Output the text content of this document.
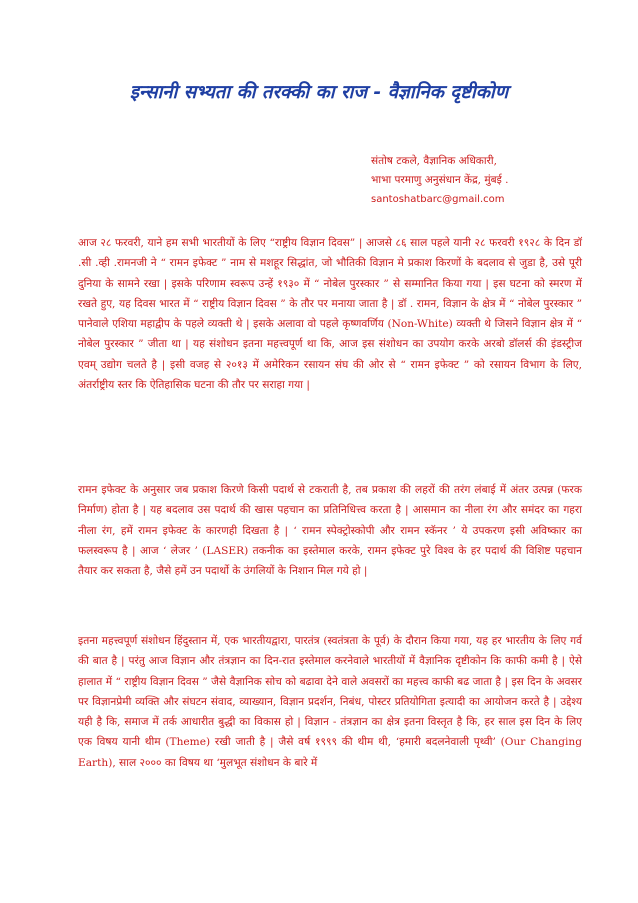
इन्सानी सभ्यता की तरक्की का राज - वैज्ञानिक दृष्टीकोण
संतोष टकले, वैज्ञानिक अधिकारी,
भाभा परमाणु अनुसंधान केंद्र, मुंबई .
santoshatbarc@gmail.com

आज २८ फरवरी, याने हम सभी भारतीयों के लिए “राष्ट्रीय विज्ञान दिवस” | आजसे ८६ साल पहले यानी २८ फरवरी १९२८ के दिन डॉ .सी .व्ही .रामनजी ने “ रामन इफेक्ट ” नाम से मशहूर सिद्धांत, जो भौतिकी विज्ञान मे प्रकाश किरणों के बदलाव से जुडा है, उसे पूरी दुनिया के सामने रखा | इसके परिणाम स्वरूप उन्हें १९३० में “ नोबेल पुरस्कार ” से सम्मानित किया गया | इस घटना को स्मरण में रखते हुए, यह दिवस भारत में “ राष्ट्रीय विज्ञान दिवस ” के तौर पर मनाया जाता है | डॉ . रामन, विज्ञान के क्षेत्र में “ नोबेल पुरस्कार ” पानेवाले एशिया महाद्वीप के पहले व्यक्ती थे | इसके अलावा वो पहले कृष्णवर्णिय (Non-White) व्यक्ती थे जिसने विज्ञान क्षेत्र में “ नोबेल पुरस्कार ” जीता था | यह संशोधन इतना महत्त्वपूर्ण था कि, आज इस संशोधन का उपयोग करके अरबो डॉलर्स की इंडस्ट्रीज एवम् उद्योग चलते है | इसी वजह से २०१३ में अमेरिकन रसायन संघ की ओर से “ रामन इफेक्ट ” को रसायन विभाग के लिए, अंतर्राष्ट्रीय स्तर कि ऐतिहासिक घटना की तौर पर सराहा गया |

रामन इफेक्ट के अनुसार जब प्रकाश किरणे किसी पदार्थ से टकराती है, तब प्रकाश की लहरों की तरंग लंबाई में अंतर उत्पन्न (फरक निर्माण) होता है | यह बदलाव उस पदार्थ की खास पहचान का प्रतिनिधित्त्व करता है | आसमान का नीला रंग और समंदर का गहरा नीला रंग, हमें रामन इफेक्ट के कारणही दिखता है | ‘ रामन स्पेक्ट्रोस्कोपी और रामन स्कॅनर ’ ये उपकरण इसी अविष्कार का फलस्वरूप है | आज ‘ लेजर ’ (LASER) तकनीक का इस्तेमाल करके, रामन इफेक्ट पुरे विश्व के हर पदार्थ की विशिष्ट पहचान तैयार कर सकता है, जैसे हमें उन पदार्थो के उंगलियों के निशान मिल गये हो |

इतना महत्त्वपूर्ण संशोधन हिंदुस्तान में, एक भारतीयद्वारा, पारतंत्र (स्वतंत्रता के पूर्व) के दौरान किया गया, यह हर भारतीय के लिए गर्व की बात है | परंतु आज विज्ञान और तंत्रज्ञान का दिन-रात इस्तेमाल करनेवाले भारतीयों में वैज्ञानिक दृष्टीकोन कि काफी कमी है | ऐसे हालात में “ राष्ट्रीय विज्ञान दिवस ” जैसे वैज्ञानिक सोच को बढावा देने वाले अवसरों का महत्त्व काफी बढ जाता है | इस दिन के अवसर पर विज्ञानप्रेमी व्यक्ति और संघटन संवाद, व्याख्यान, विज्ञान प्रदर्शन, निबंध, पोस्टर प्रतियोगिता इत्यादी का आयोजन करते है | उद्देश्य यही है कि, समाज में तर्क आधारीत बुद्धी का विकास हो | विज्ञान - तंत्रज्ञान का क्षेत्र इतना विस्तृत है कि, हर साल इस दिन के लिए एक विषय यानी थीम (Theme) रखी जाती है | जैसे वर्ष १९९९ की थीम थी, ‘हमारी बदलनेवाली पृथ्वी’ (Our Changing Earth), साल २००० का विषय था ‘मुलभूत संशोधन के बारे में
